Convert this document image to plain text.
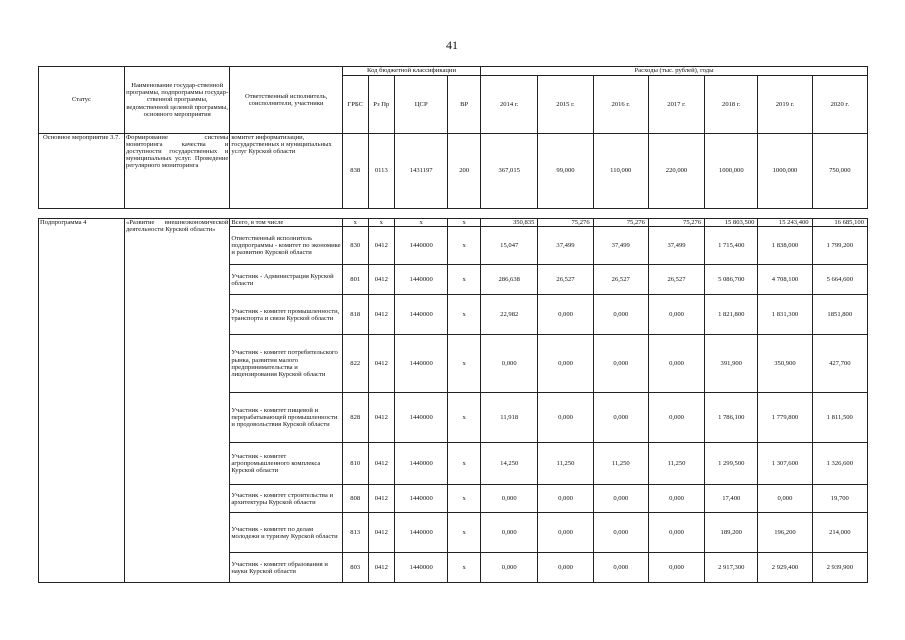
41
Статус	Наименование государ-ственной программы, подпрограммы государ-ственной программы, ведомственной целевой программы, основного мероприятия	Ответственный исполнитель, соисполнители, участники	Код бюджетной классификации				Расходы (тыс. рублей), годы						
			ГРБС	Рз Пр	ЦСР	ВР	2014 г.	2015 г.	2016 г.	2017 г.	2018 г.	2019 г.	2020 г.
Основное мероприятие 3.7.	Формирование системы мониторинга качества и доступности государственных и муниципальных услуг. Проведение регулярного мониторинга	комитет информатизации, государственных и муниципальных услуг Курской области	838	0113	1431197	200	367,015	99,000	110,000	220,000	1000,000	1000,000	750,000

Подпрограмма 4	«Развитие внешнеэкономической деятельности Курской области»	Всего, в том числе	х	х	х	х	350,835	75,276	75,276	75,276	15 803,500	15 243,400	16 685,100
		Ответственный исполнитель подпрограммы - комитет по экономике и развитию Курской области	830	0412	1440000	х	15,047	37,499	37,499	37,499	1 715,400	1 838,000	1 799,200
		Участник - Администрация Курской области	801	0412	1440000	х	286,638	26,527	26,527	26,527	5 086,700	4 708,100	5 664,600
		Участник - комитет промышленности, транспорта и связи Курской области	818	0412	1440000	х	22,982	0,000	0,000	0,000	1 821,800	1 831,300	1851,800
		Участник - комитет потребительского рынка, развития малого предпринимательства и лицензирования Курской области	822	0412	1440000	х	0,000	0,000	0,000	0,000	391,900	350,900	427,700
		Участник - комитет пищевой и перерабатывающей промышленности и продовольствия Курской области	828	0412	1440000	х	11,918	0,000	0,000	0,000	1 786,100	1 779,800	1 811,500
		Участник - комитет агропромышленного комплекса Курской области	810	0412	1440000	х	14,250	11,250	11,250	11,250	1 299,500	1 307,600	1 326,600
		Участник - комитет строительства и архитектуры Курской области	808	0412	1440000	х	0,000	0,000	0,000	0,000	17,400	0,000	19,700
		Участник - комитет по делам молодежи и туризму Курской области	813	0412	1440000	х	0,000	0,000	0,000	0,000	189,200	196,200	214,000
		Участник - комитет образования и науки Курской области	803	0412	1440000	х	0,000	0,000	0,000	0,000	2 917,300	2 929,400	2 939,900
